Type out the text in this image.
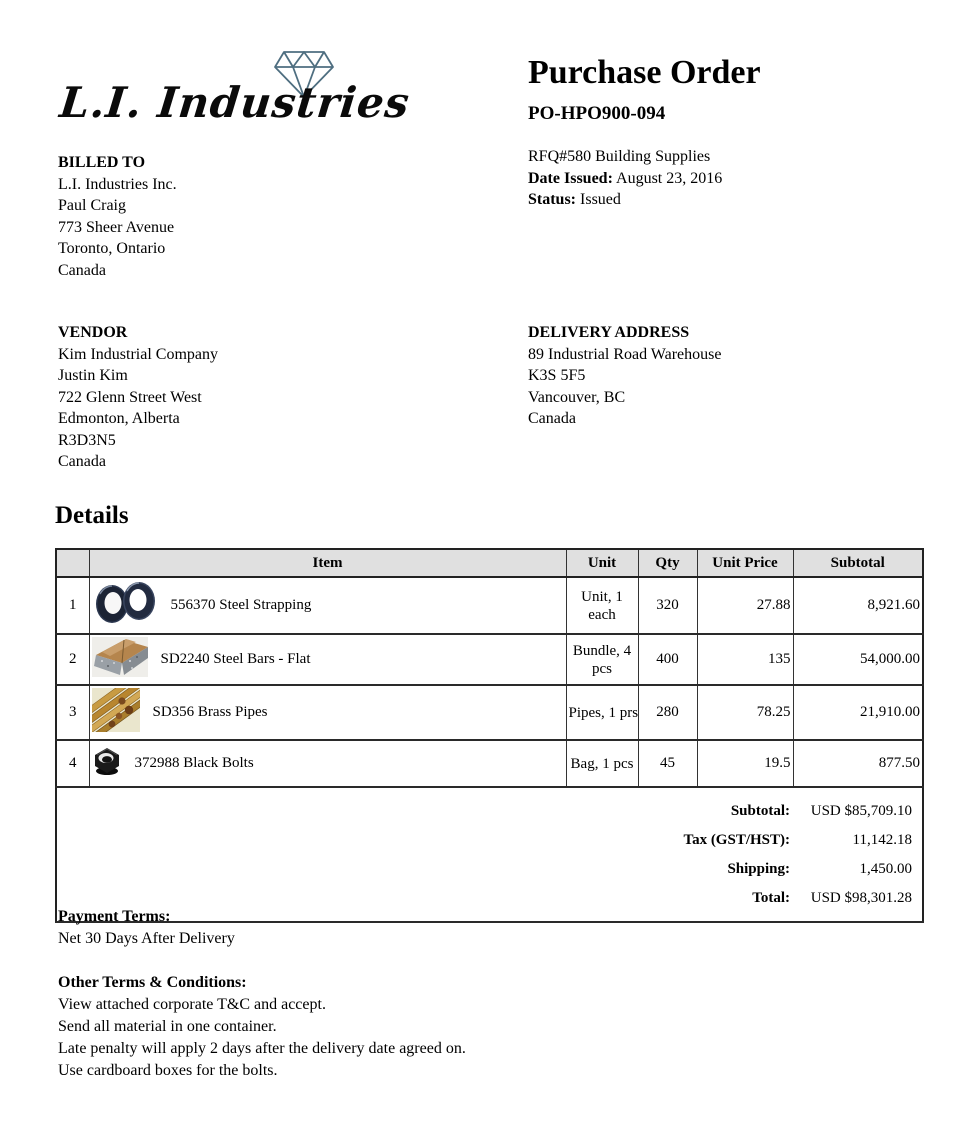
L.I. Industries
Purchase Order
PO-HPO900-094
RFQ#580 Building Supplies
Date Issued: August 23, 2016
Status: Issued
BILLED TO
L.I. Industries Inc.
Paul Craig
773 Sheer Avenue
Toronto, Ontario
Canada
VENDOR
Kim Industrial Company
Justin Kim
722 Glenn Street West
Edmonton, Alberta
R3D3N5
Canada
DELIVERY ADDRESS
89 Industrial Road Warehouse
K3S 5F5
Vancouver, BC
Canada
Details
	Item	Unit	Qty	Unit Price	Subtotal
1	556370 Steel Strapping	Unit, 1 each	320	27.88	8,921.60
2	SD2240 Steel Bars - Flat	Bundle, 4 pcs	400	135	54,000.00
3	SD356 Brass Pipes	Pipes, 1 prs	280	78.25	21,910.00
4	372988 Black Bolts	Bag, 1 pcs	45	19.5	877.50

Subtotal:	USD $85,709.10
Tax (GST/HST):	11,142.18
Shipping:	1,450.00
Total:	USD $98,301.28
Payment Terms:
Net 30 Days After Delivery
Other Terms & Conditions:
View attached corporate T&C and accept.
Send all material in one container.
Late penalty will apply 2 days after the delivery date agreed on.
Use cardboard boxes for the bolts.
